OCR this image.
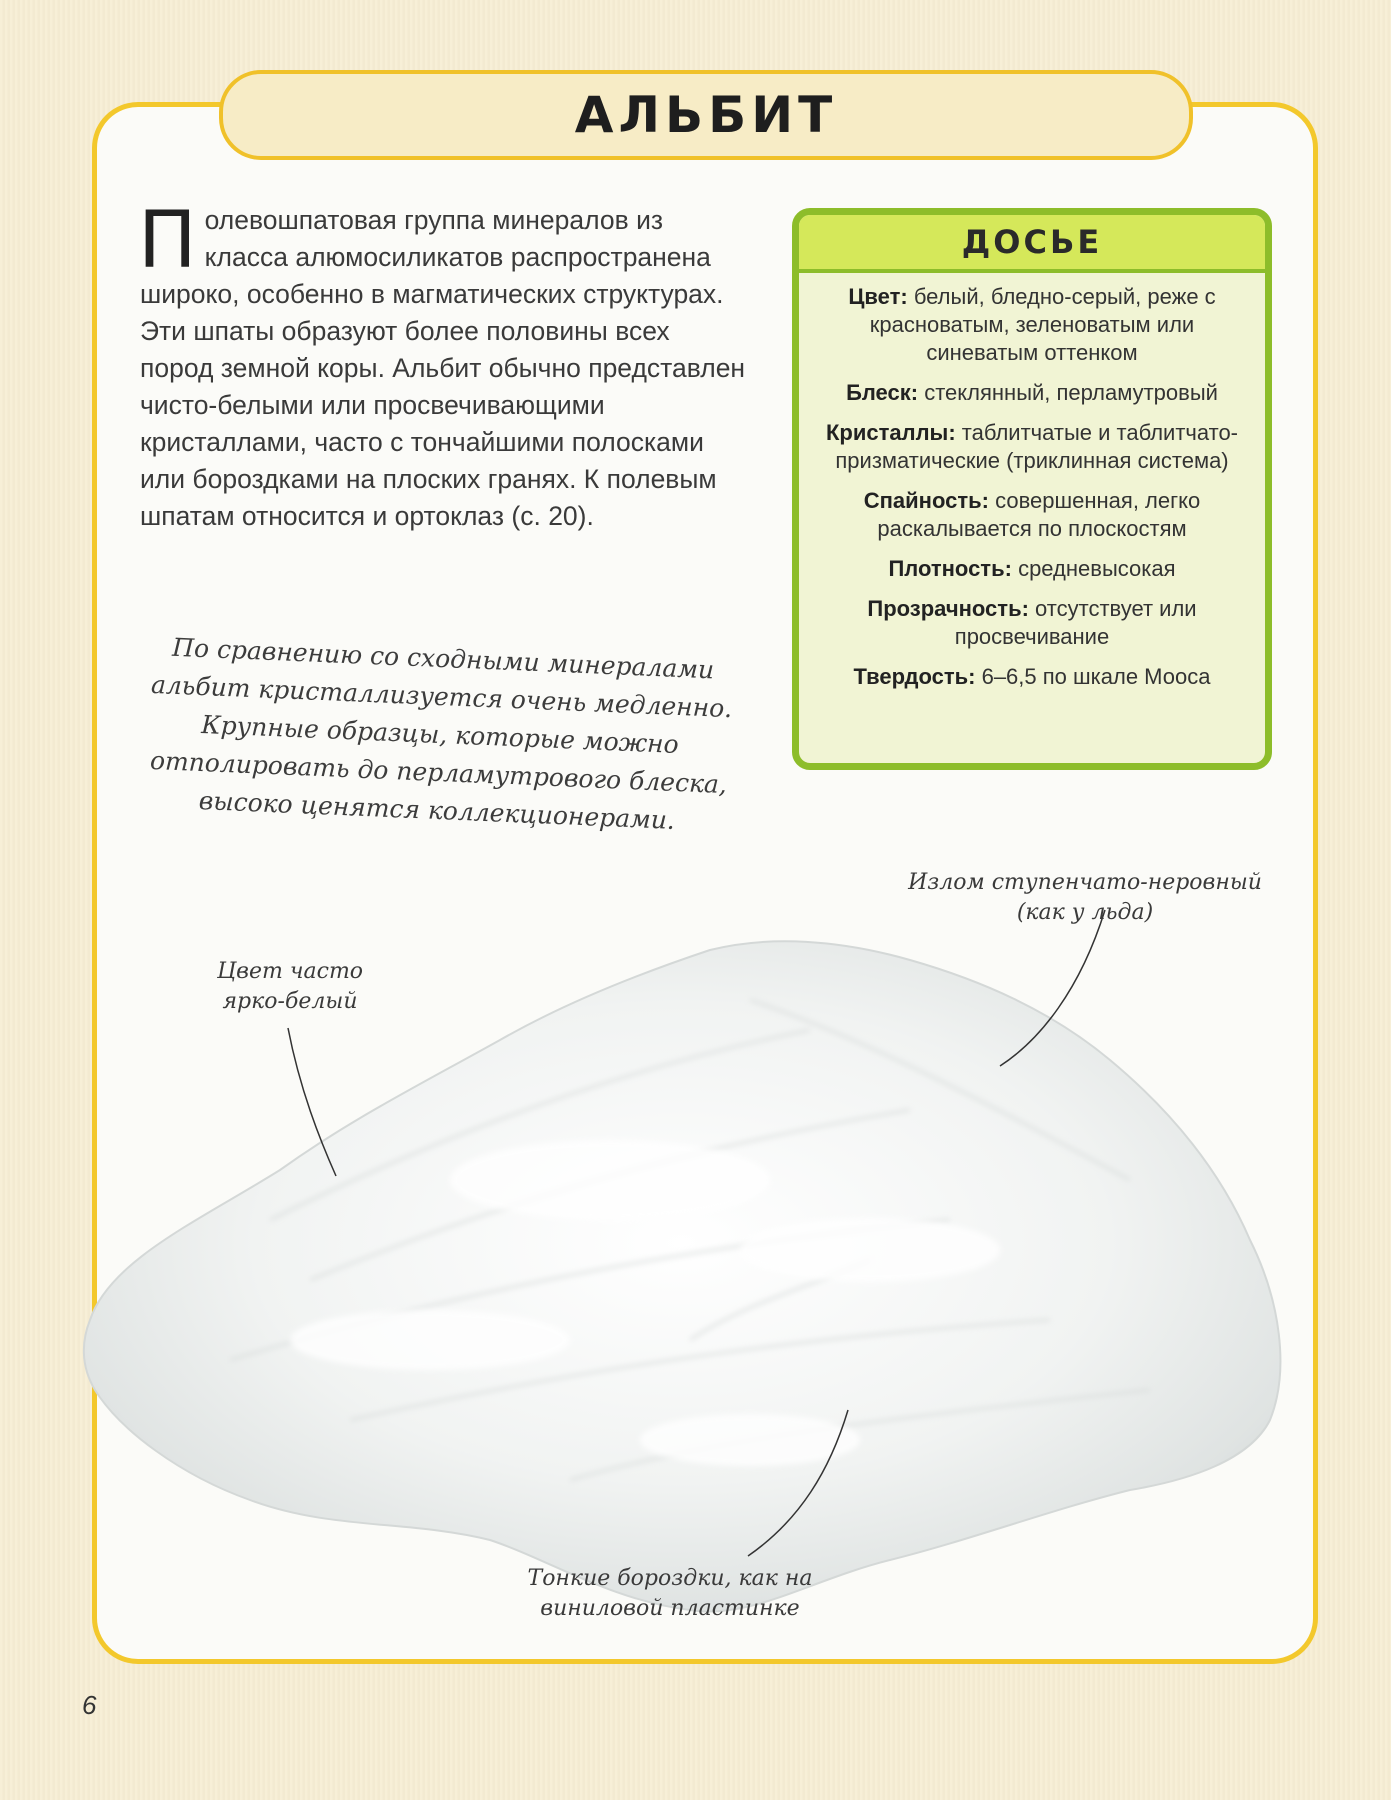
АЛЬБИТ

Полевошпатовая группа минералов из класса алюмосиликатов распространена широко, особенно в магматических структурах. Эти шпаты образуют более половины всех пород земной коры. Альбит обычно представлен чисто-белыми или просвечивающими кристаллами, часто с тончайшими полосками или бороздками на плоских гранях. К полевым шпатам относится и ортоклаз (с. 20).

ДОСЬЕ
Цвет: белый, бледно-серый, реже с красноватым, зеленоватым или синеватым оттенком
Блеск: стеклянный, перламутровый
Кристаллы: таблитчатые и таблитчато-призматические (триклинная система)
Спайность: совершенная, легко раскалывается по плоскостям
Плотность: средневысокая
Прозрачность: отсутствует или просвечивание
Твердость: 6–6,5 по шкале Мооса
По сравнению со сходными минералами альбит кристаллизуется очень медленно. Крупные образцы, которые можно отполировать до перламутрового блеска, высоко ценятся коллекционерами.
Цвет часто ярко-белый
Излом ступенчато-неровный (как у льда)
Тонкие бороздки, как на виниловой пластинке
6
